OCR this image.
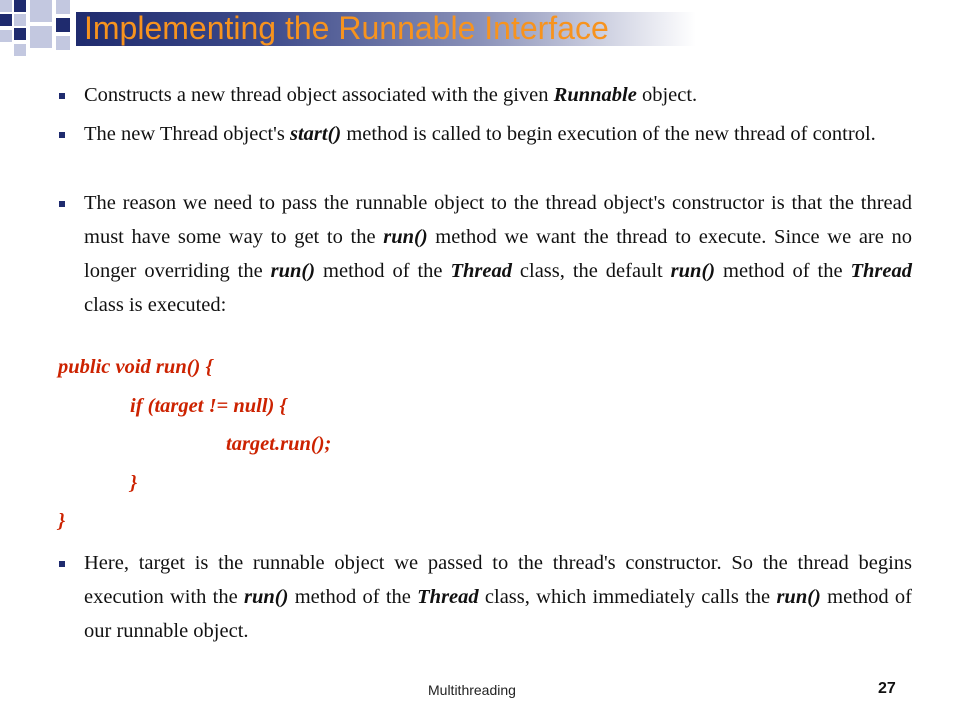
Implementing the Runnable Interface
Constructs a new thread object associated with the given Runnable object.
The new Thread object's start() method is called to begin execution of the new thread of control.
The reason we need to pass the runnable object to the thread object's constructor is that the thread must have some way to get to the run() method we want the thread to execute. Since we are no longer overriding the run() method of the Thread class, the default run() method of the Thread class is executed:
public void run() {
if (target != null) {
target.run();
}
}
Here, target is the runnable object we passed to the thread's constructor. So the thread begins execution with the run() method of the Thread class, which immediately calls the run() method of our runnable object.
Multithreading	27
